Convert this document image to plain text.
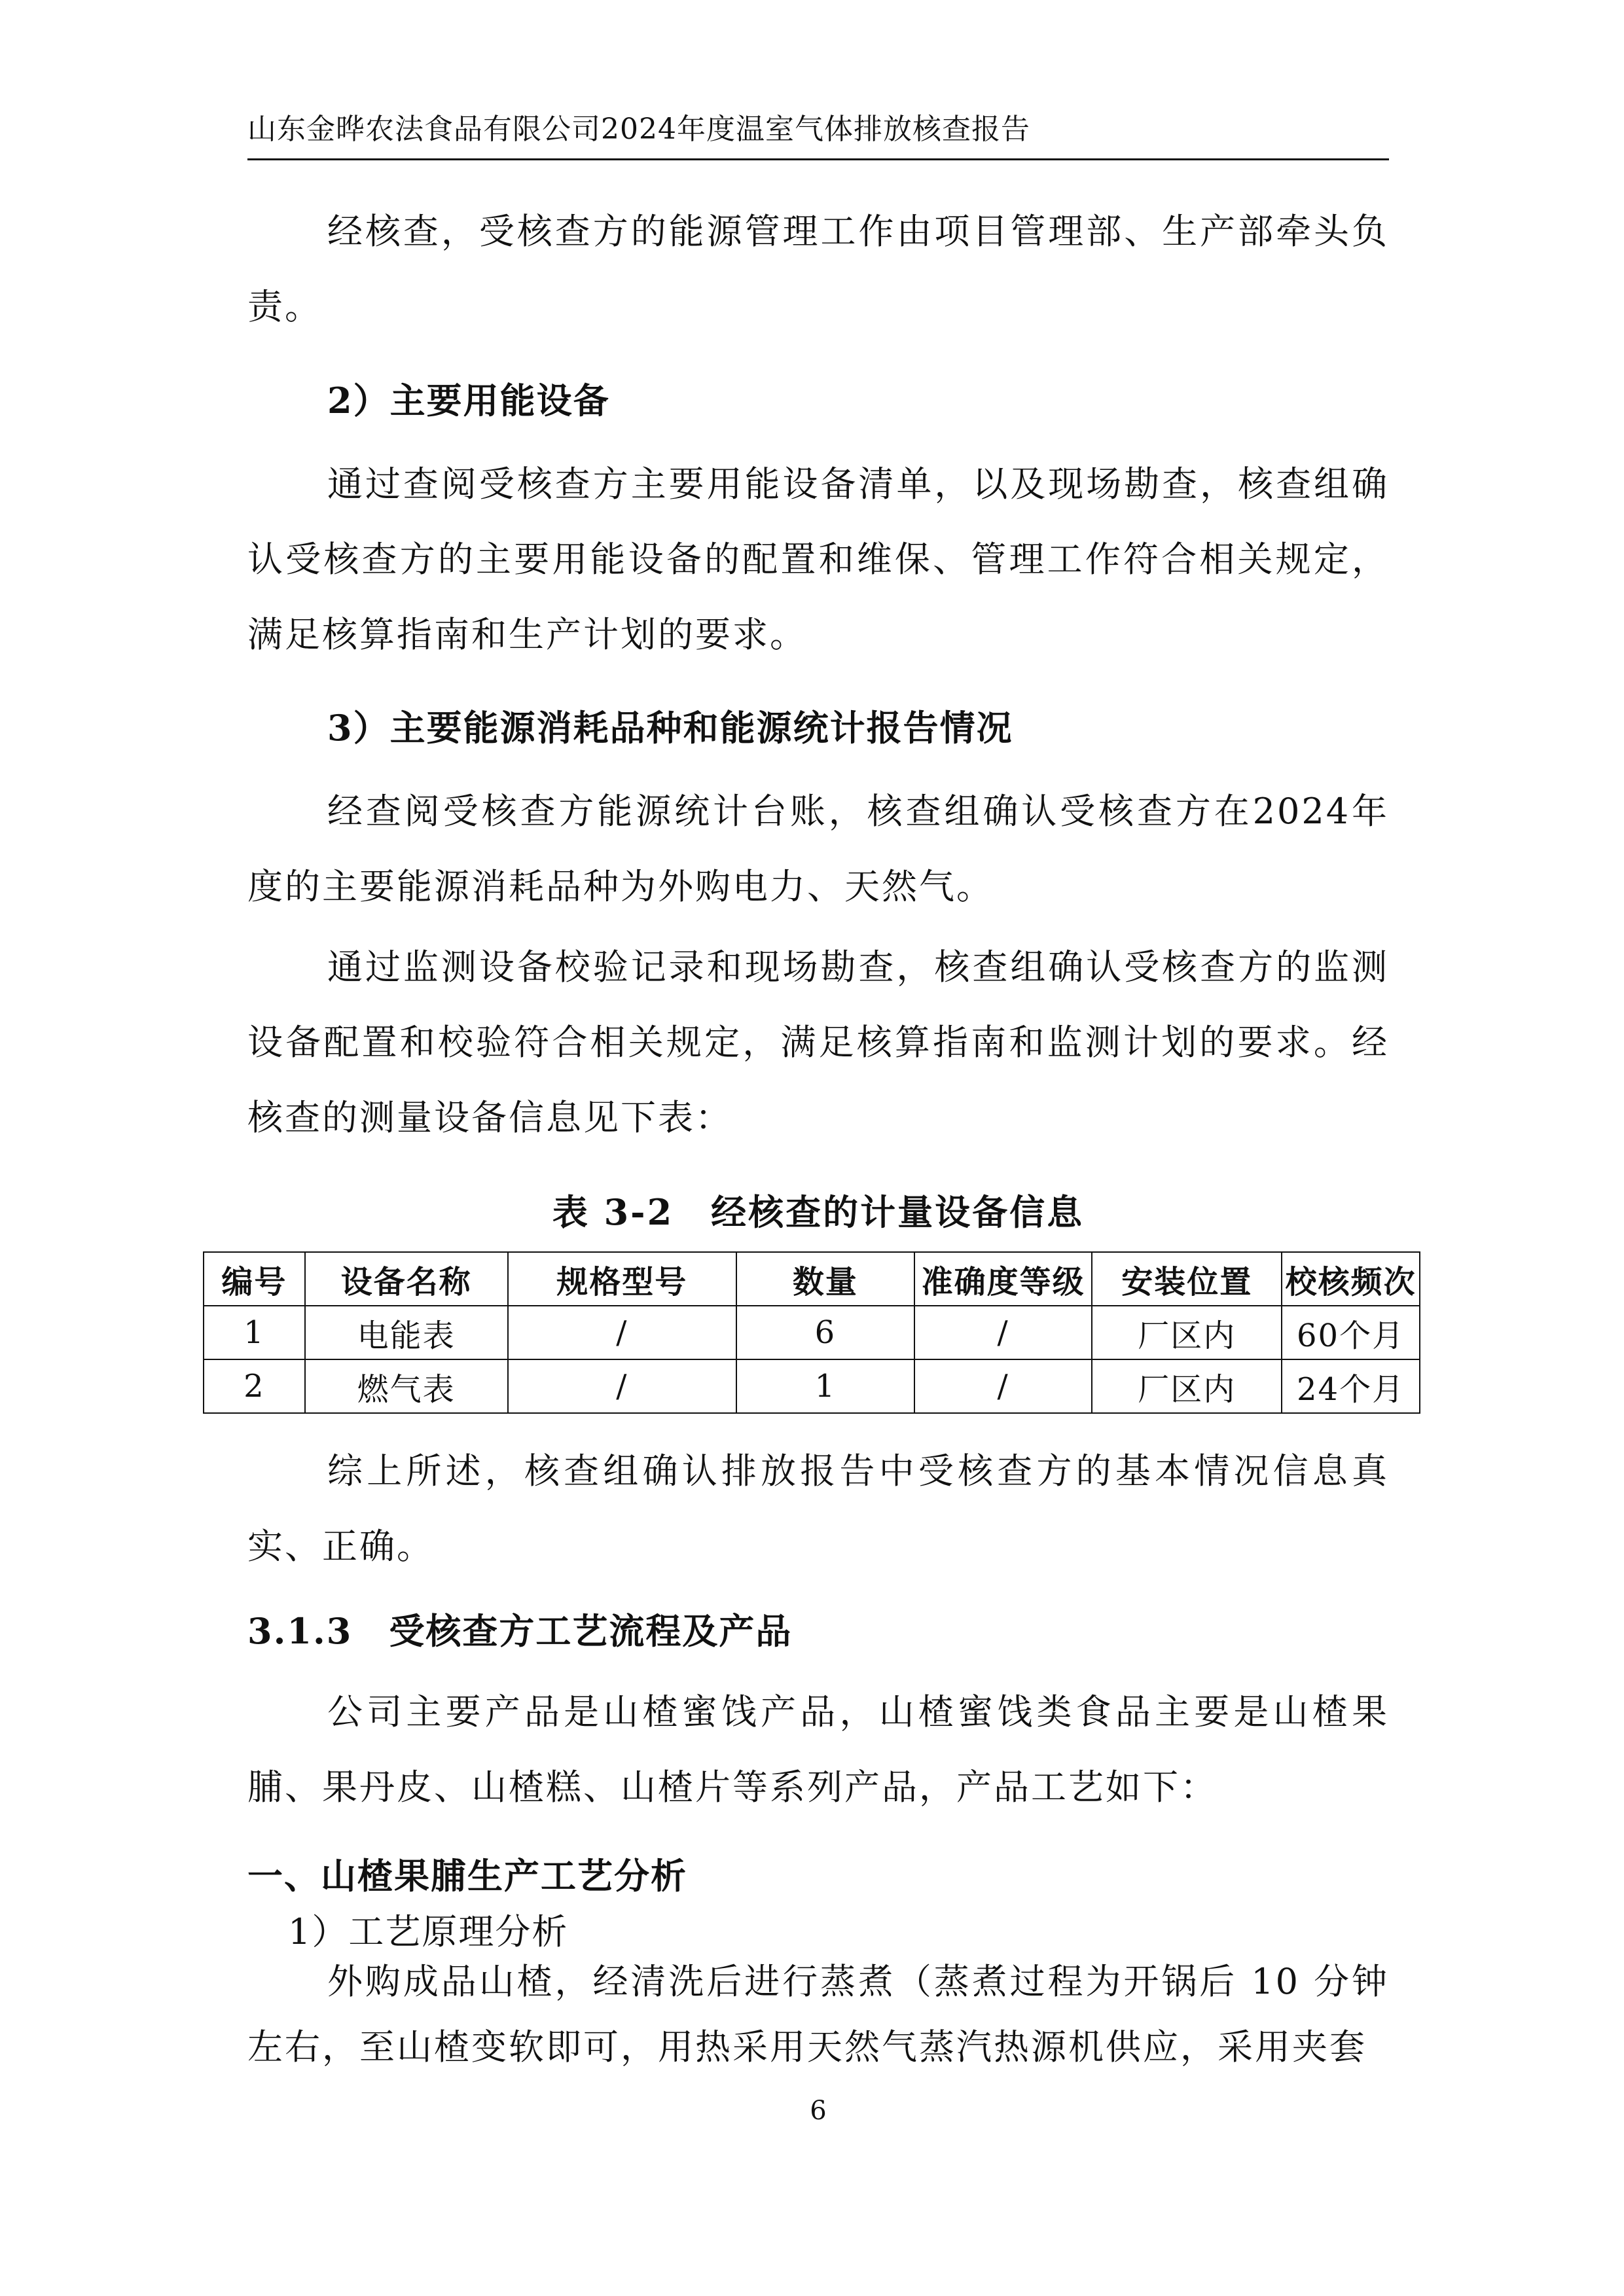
山东金晔农法食品有限公司2024年度温室气体排放核查报告

经核查，受核查方的能源管理工作由项目管理部、生产部牵头负责。

2）主要用能设备

通过查阅受核查方主要用能设备清单，以及现场勘查，核查组确认受核查方的主要用能设备的配置和维保、管理工作符合相关规定，满足核算指南和生产计划的要求。

3）主要能源消耗品种和能源统计报告情况

经查阅受核查方能源统计台账，核查组确认受核查方在2024年度的主要能源消耗品种为外购电力、天然气。

通过监测设备校验记录和现场勘查，核查组确认受核查方的监测设备配置和校验符合相关规定，满足核算指南和监测计划的要求。经核查的测量设备信息见下表：

表 3-2　经核查的计量设备信息
编号	设备名称	规格型号	数量	准确度等级	安装位置	校核频次
1	电能表	/	6	/	厂区内	60个月
2	燃气表	/	1	/	厂区内	24个月

综上所述，核查组确认排放报告中受核查方的基本情况信息真实、正确。

3.1.3　受核查方工艺流程及产品

公司主要产品是山楂蜜饯产品，山楂蜜饯类食品主要是山楂果脯、果丹皮、山楂糕、山楂片等系列产品，产品工艺如下：

一、山楂果脯生产工艺分析

1）工艺原理分析

外购成品山楂，经清洗后进行蒸煮（蒸煮过程为开锅后 10 分钟左右，至山楂变软即可，用热采用天然气蒸汽热源机供应，采用夹套

6
